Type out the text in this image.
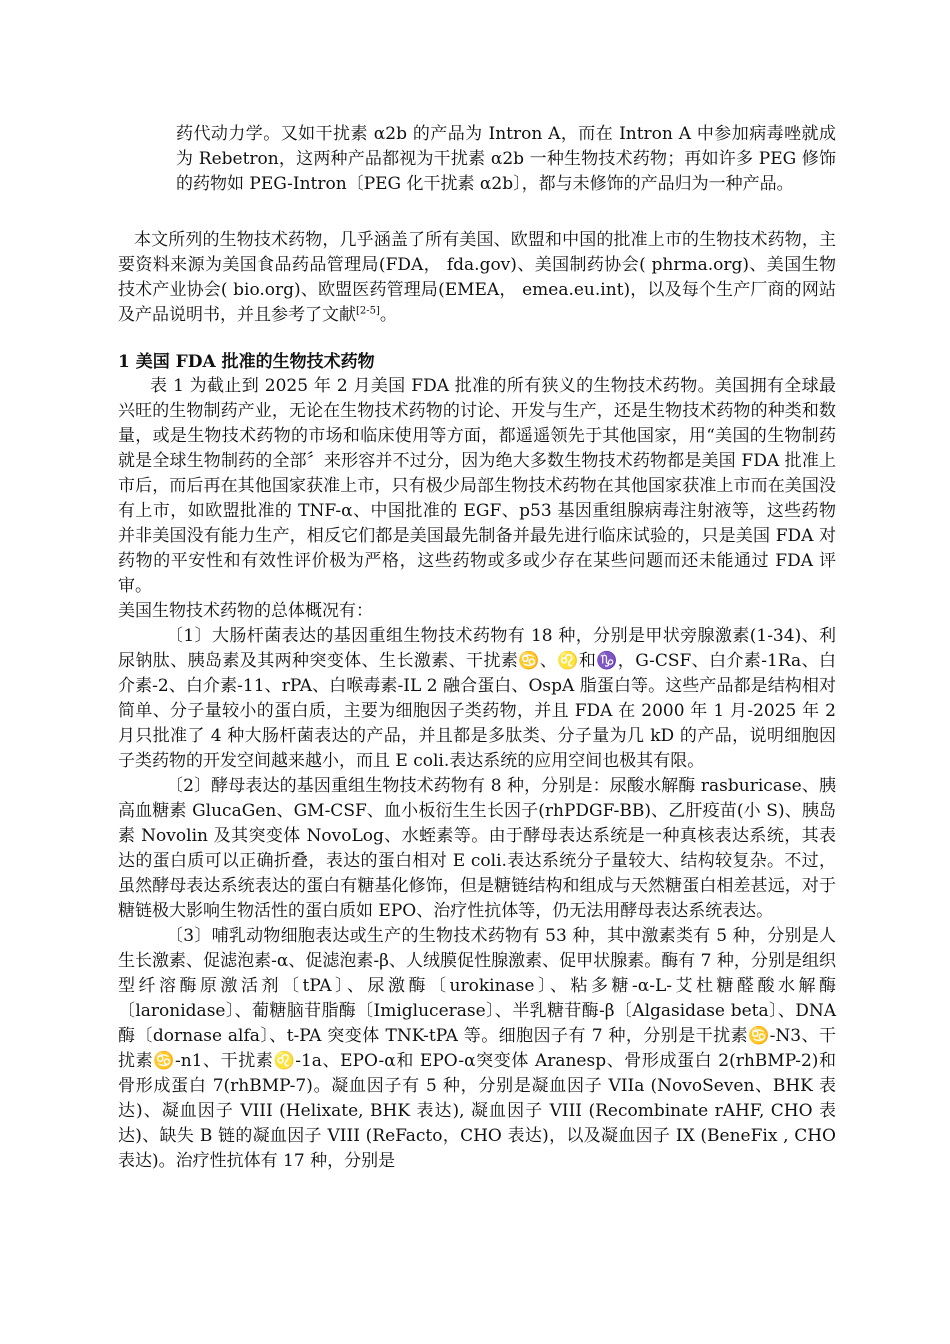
药代动力学。又如干扰素 α2b 的产品为 Intron A，而在 Intron A 中参加病毒唑就成为 Rebetron，这两种产品都视为干扰素 α2b 一种生物技术药物；再如许多 PEG 修饰的药物如 PEG-Intron〔PEG 化干扰素 α2b〕，都与未修饰的产品归为一种产品。

本文所列的生物技术药物，几乎涵盖了所有美国、欧盟和中国的批准上市的生物技术药物，主要资料来源为美国食品药品管理局(FDA， fda.gov)、美国制药协会( phrma.org)、美国生物技术产业协会( bio.org)、欧盟医药管理局(EMEA， emea.eu.int)，以及每个生产厂商的网站及产品说明书，并且参考了文献[2-5]。

1 美国 FDA 批准的生物技术药物

表 1 为截止到 2025 年 2 月美国 FDA 批准的所有狭义的生物技术药物。美国拥有全球最兴旺的生物制药产业，无论在生物技术药物的讨论、开发与生产，还是生物技术药物的种类和数量，或是生物技术药物的市场和临床使用等方面，都遥遥领先于其他国家，用“美国的生物制药就是全球生物制药的全部〞来形容并不过分，因为绝大多数生物技术药物都是美国 FDA 批准上市后，而后再在其他国家获准上市，只有极少局部生物技术药物在其他国家获准上市而在美国没有上市，如欧盟批准的 TNF-α、中国批准的 EGF、p53 基因重组腺病毒注射液等，这些药物并非美国没有能力生产，相反它们都是美国最先制备并最先进行临床试验的，只是美国 FDA 对药物的平安性和有效性评价极为严格，这些药物或多或少存在某些问题而还未能通过 FDA 评审。

美国生物技术药物的总体概况有：

〔1〕大肠杆菌表达的基因重组生物技术药物有 18 种，分别是甲状旁腺激素(1-34)、利尿钠肽、胰岛素及其两种突变体、生长激素、干扰素♋、♌和♑，G-CSF、白介素-1Ra、白介素-2、白介素-11、rPA、白喉毒素-IL 2 融合蛋白、OspA 脂蛋白等。这些产品都是结构相对简单、分子量较小的蛋白质，主要为细胞因子类药物，并且 FDA 在 2000 年 1 月-2025 年 2 月只批准了 4 种大肠杆菌表达的产品，并且都是多肽类、分子量为几 kD 的产品，说明细胞因子类药物的开发空间越来越小，而且 E coli.表达系统的应用空间也极其有限。

〔2〕酵母表达的基因重组生物技术药物有 8 种，分别是：尿酸水解酶 rasburicase、胰高血糖素 GlucaGen、GM-CSF、血小板衍生生长因子(rhPDGF-BB)、乙肝疫苗(小 S)、胰岛素 Novolin 及其突变体 NovoLog、水蛭素等。由于酵母表达系统是一种真核表达系统，其表达的蛋白质可以正确折叠，表达的蛋白相对 E coli.表达系统分子量较大、结构较复杂。不过，虽然酵母表达系统表达的蛋白有糖基化修饰，但是糖链结构和组成与天然糖蛋白相差甚远，对于糖链极大影响生物活性的蛋白质如 EPO、治疗性抗体等，仍无法用酵母表达系统表达。

〔3〕哺乳动物细胞表达或生产的生物技术药物有 53 种，其中激素类有 5 种，分别是人生长激素、促滤泡素-α、促滤泡素-β、人绒膜促性腺激素、促甲状腺素。酶有 7 种，分别是组织型纤溶酶原激活剂〔tPA〕、尿激酶〔urokinase〕、粘多糖-α-L-艾杜糖醛酸水解酶〔laronidase〕、葡糖脑苷脂酶〔Imiglucerase〕、半乳糖苷酶-β〔Algasidase beta〕、DNA 酶〔dornase alfa〕、t-PA 突变体 TNK-tPA 等。细胞因子有 7 种，分别是干扰素♋-N3、干扰素♋-n1、干扰素♌-1a、EPO-α和 EPO-α突变体 Aranesp、骨形成蛋白 2(rhBMP-2)和骨形成蛋白 7(rhBMP-7)。凝血因子有 5 种，分别是凝血因子 VIIa (NovoSeven、BHK 表达)、凝血因子 VIII (Helixate, BHK 表达), 凝血因子 VIII (Recombinate rAHF, CHO 表达)、缺失 B 链的凝血因子 VIII (ReFacto，CHO 表达)，以及凝血因子 IX (BeneFix , CHO 表达)。治疗性抗体有 17 种，分别是
